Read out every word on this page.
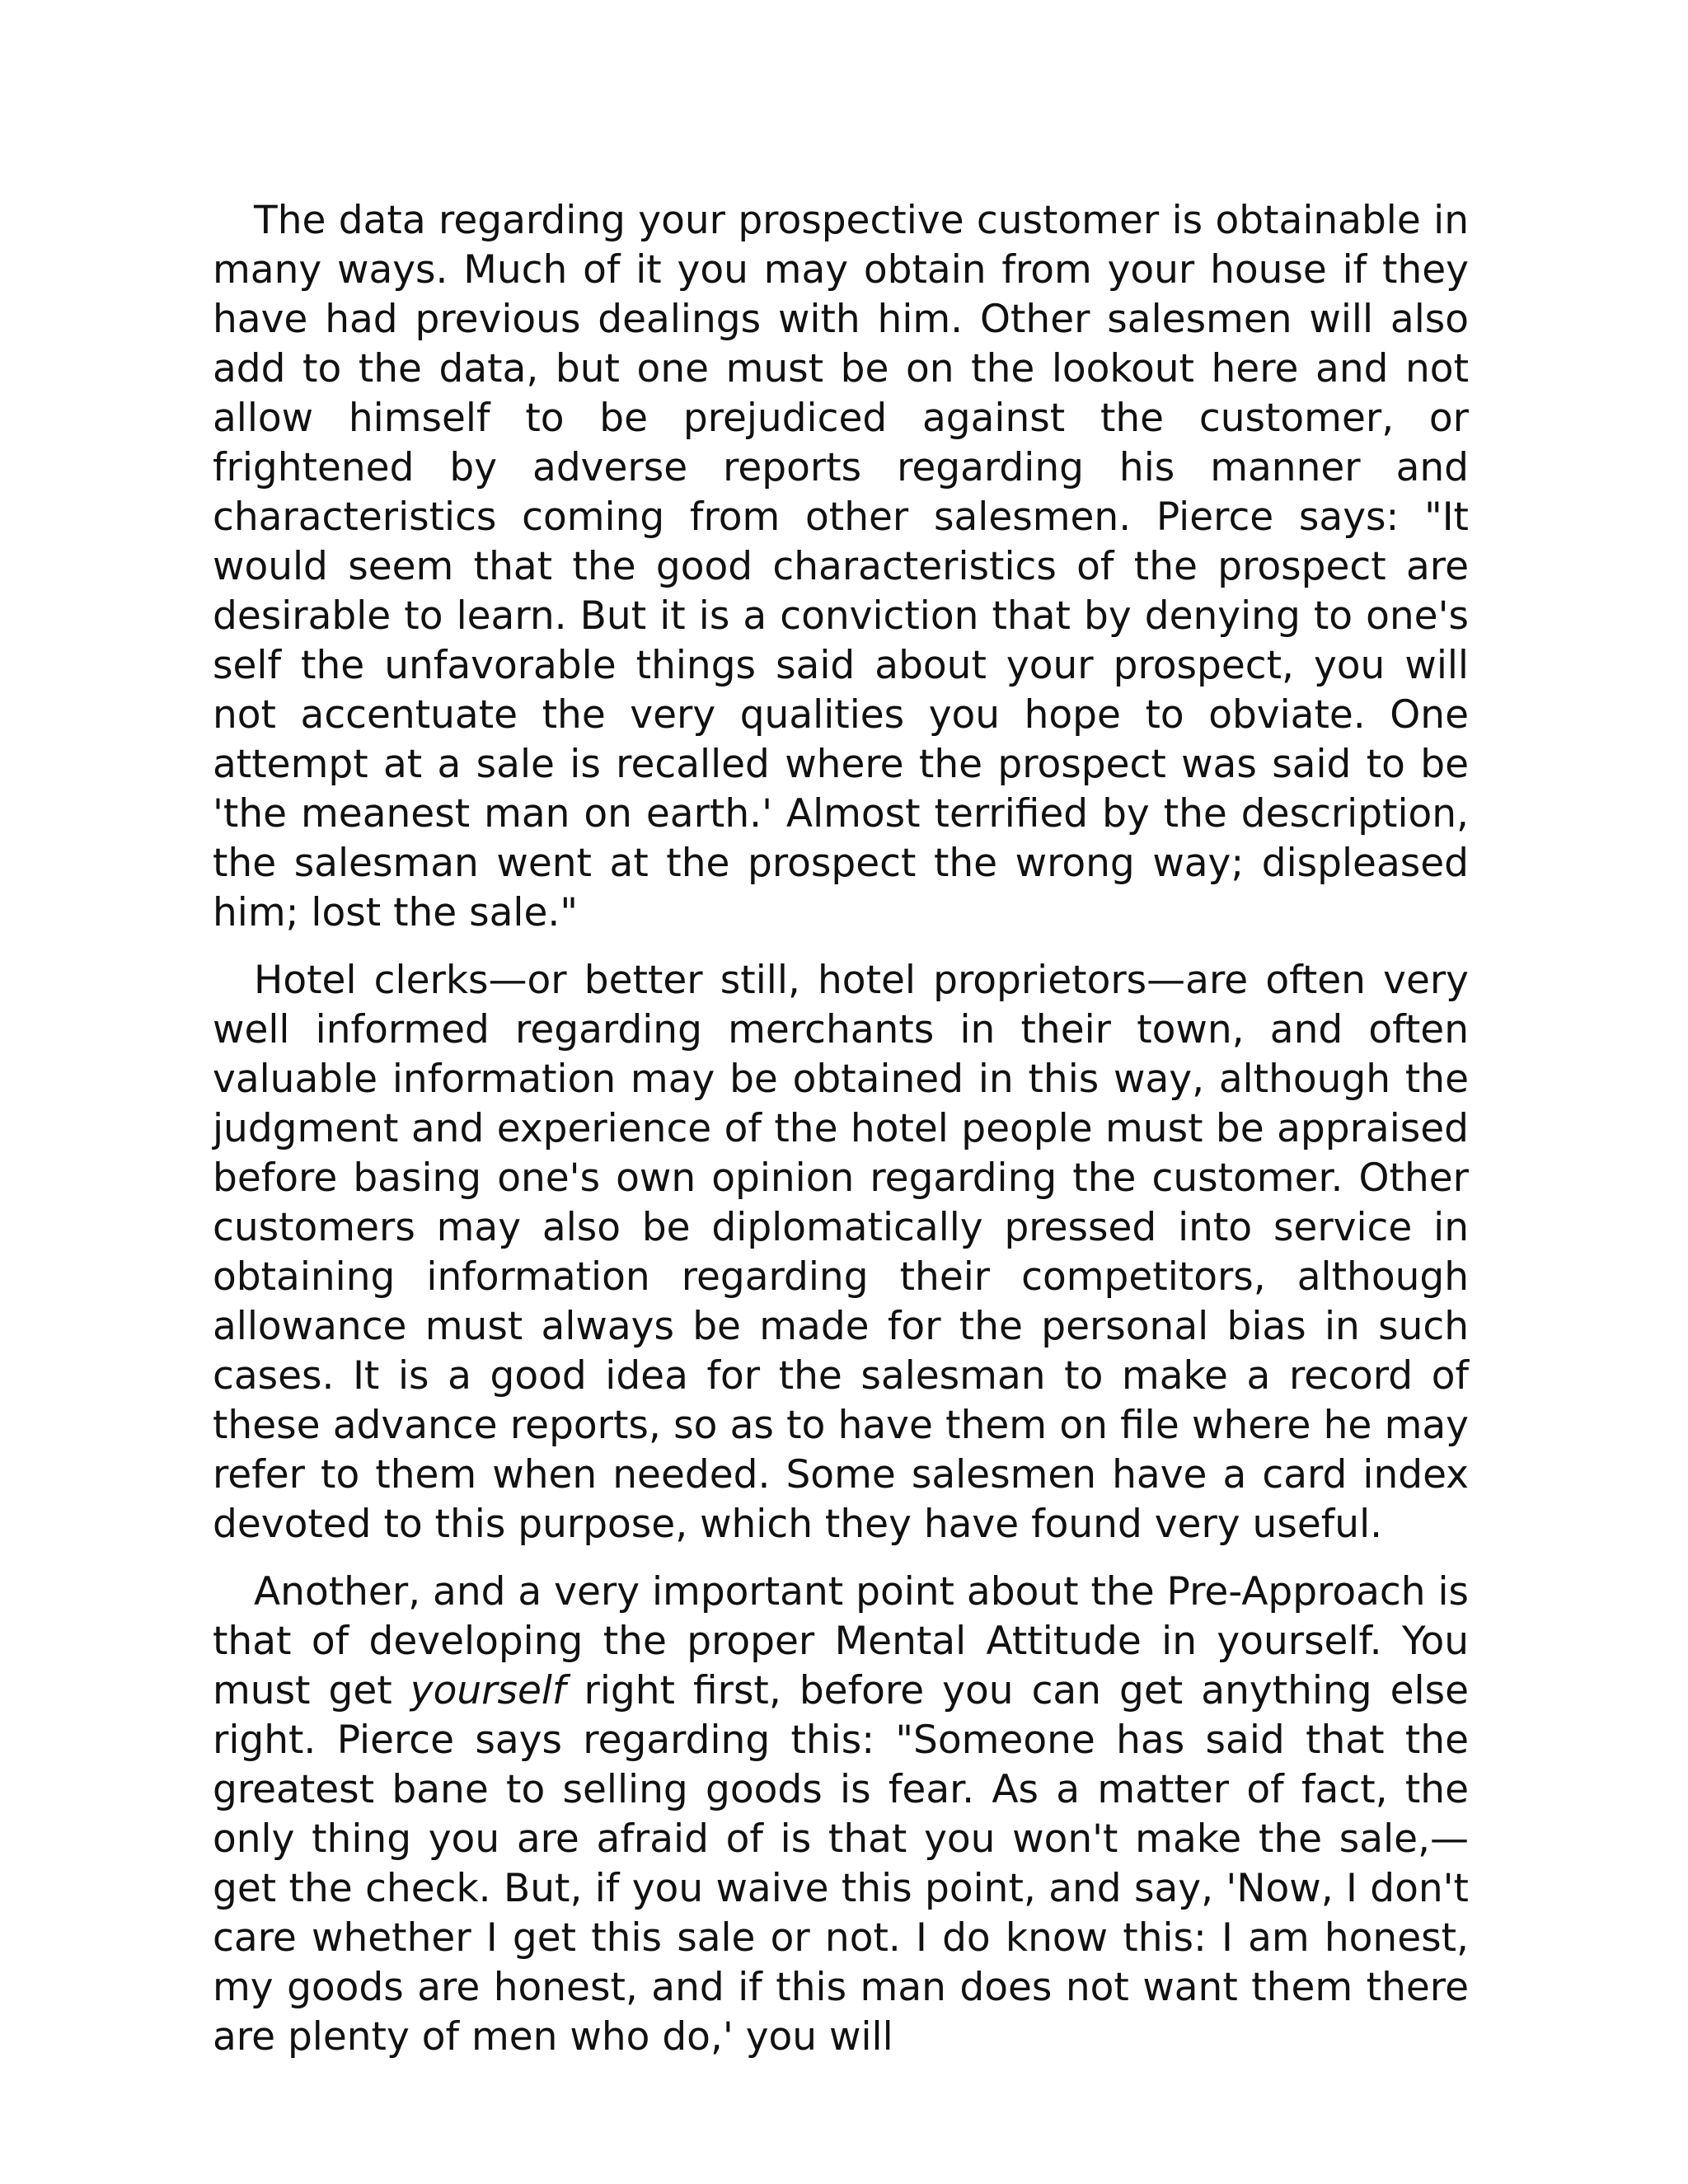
The data regarding your prospective customer is obtainable in many ways. Much of it you may obtain from your house if they have had previous dealings with him. Other salesmen will also add to the data, but one must be on the lookout here and not allow himself to be prejudiced against the customer, or frightened by adverse reports regarding his manner and characteristics coming from other salesmen. Pierce says: "It would seem that the good characteristics of the prospect are desirable to learn. But it is a conviction that by denying to one's self the unfavorable things said about your prospect, you will not accentuate the very qualities you hope to obviate. One attempt at a sale is recalled where the prospect was said to be 'the meanest man on earth.' Almost terrified by the description, the salesman went at the prospect the wrong way; displeased him; lost the sale."

Hotel clerks—or better still, hotel proprietors—are often very well informed regarding merchants in their town, and often valuable information may be obtained in this way, although the judgment and experience of the hotel people must be appraised before basing one's own opinion regarding the customer. Other customers may also be diplomatically pressed into service in obtaining information regarding their competitors, although allowance must always be made for the personal bias in such cases. It is a good idea for the salesman to make a record of these advance reports, so as to have them on file where he may refer to them when needed. Some salesmen have a card index devoted to this purpose, which they have found very useful.

Another, and a very important point about the Pre-Approach is that of developing the proper Mental Attitude in yourself. You must get yourself right first, before you can get anything else right. Pierce says regarding this: "Someone has said that the greatest bane to selling goods is fear. As a matter of fact, the only thing you are afraid of is that you won't make the sale,—get the check. But, if you waive this point, and say, 'Now, I don't care whether I get this sale or not. I do know this: I am honest, my goods are honest, and if this man does not want them there are plenty of men who do,' you will
